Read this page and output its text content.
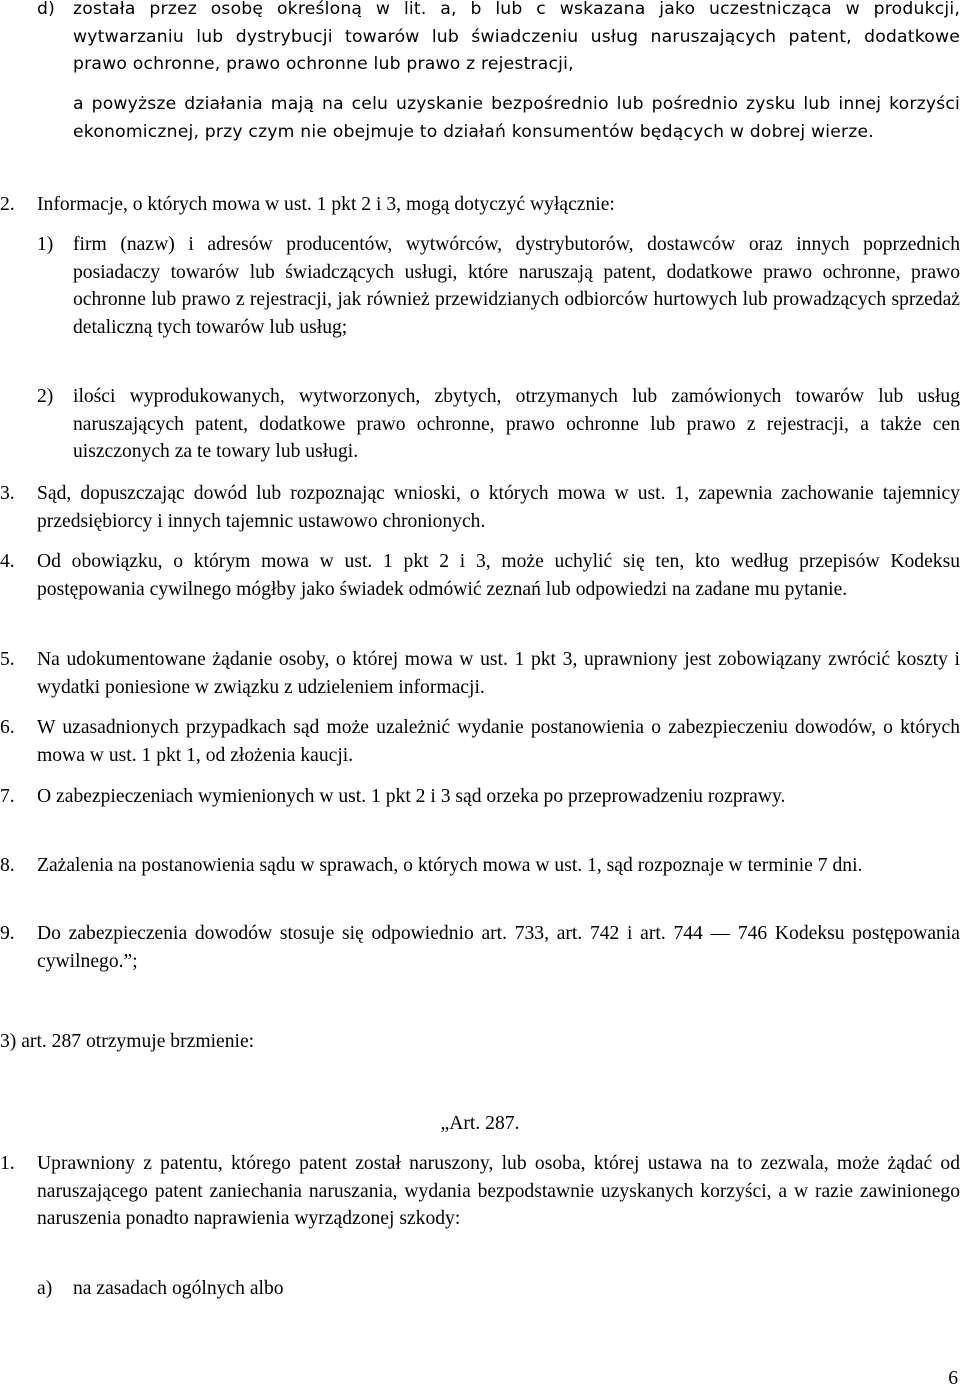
d) została przez osobę określoną w lit. a, b lub c wskazana jako uczestnicząca w produkcji, wytwarzaniu lub dystrybucji towarów lub świadczeniu usług naruszających patent, dodatkowe prawo ochronne, prawo ochronne lub prawo z rejestracji,

a powyższe działania mają na celu uzyskanie bezpośrednio lub pośrednio zysku lub innej korzyści ekonomicznej, przy czym nie obejmuje to działań konsumentów będących w dobrej wierze.

2. Informacje, o których mowa w ust. 1 pkt 2 i 3, mogą dotyczyć wyłącznie:

1) firm (nazw) i adresów producentów, wytwórców, dystrybutorów, dostawców oraz innych poprzednich posiadaczy towarów lub świadczących usługi, które naruszają patent, dodatkowe prawo ochronne, prawo ochronne lub prawo z rejestracji, jak również przewidzianych odbiorców hurtowych lub prowadzących sprzedaż detaliczną tych towarów lub usług;

2) ilości wyprodukowanych, wytworzonych, zbytych, otrzymanych lub zamówionych towarów lub usług naruszających patent, dodatkowe prawo ochronne, prawo ochronne lub prawo z rejestracji, a także cen uiszczonych za te towary lub usługi.

3. Sąd, dopuszczając dowód lub rozpoznając wnioski, o których mowa w ust. 1, zapewnia zachowanie tajemnicy przedsiębiorcy i innych tajemnic ustawowo chronionych.

4. Od obowiązku, o którym mowa w ust. 1 pkt 2 i 3, może uchylić się ten, kto według przepisów Kodeksu postępowania cywilnego mógłby jako świadek odmówić zeznań lub odpowiedzi na zadane mu pytanie.

5. Na udokumentowane żądanie osoby, o której mowa w ust. 1 pkt 3, uprawniony jest zobowiązany zwrócić koszty i wydatki poniesione w związku z udzieleniem informacji.

6. W uzasadnionych przypadkach sąd może uzależnić wydanie postanowienia o zabezpieczeniu dowodów, o których mowa w ust. 1 pkt 1, od złożenia kaucji.

7. O zabezpieczeniach wymienionych w ust. 1 pkt 2 i 3 sąd orzeka po przeprowadzeniu rozprawy.

8. Zażalenia na postanowienia sądu w sprawach, o których mowa w ust. 1, sąd rozpoznaje w terminie 7 dni.

9. Do zabezpieczenia dowodów stosuje się odpowiednio art. 733, art. 742 i art. 744 — 746 Kodeksu postępowania cywilnego.”;

3) art. 287 otrzymuje brzmienie:

„Art. 287.

1. Uprawniony z patentu, którego patent został naruszony, lub osoba, której ustawa na to zezwala, może żądać od naruszającego patent zaniechania naruszania, wydania bezpodstawnie uzyskanych korzyści, a w razie zawinionego naruszenia ponadto naprawienia wyrządzonej szkody:

a) na zasadach ogólnych albo

6
